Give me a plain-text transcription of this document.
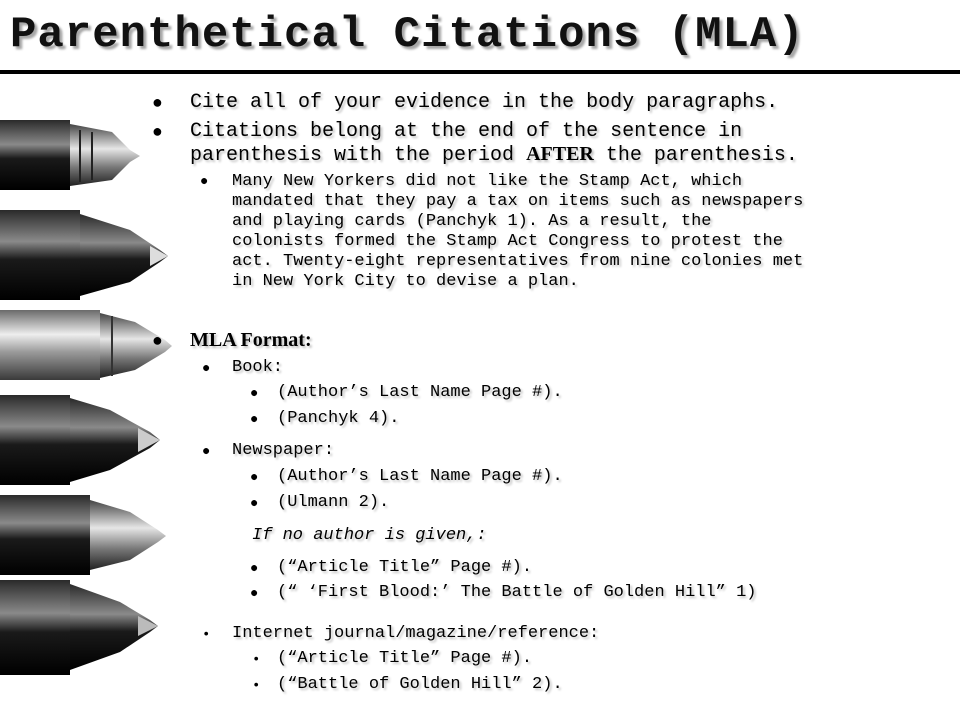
Parenthetical Citations (MLA)
● Cite all of your evidence in the body paragraphs.
● Citations belong at the end of the sentence in
parenthesis with the period AFTER the parenthesis.
● Many New Yorkers did not like the Stamp Act, which
mandated that they pay a tax on items such as newspapers
and playing cards (Panchyk 1). As a result, the
colonists formed the Stamp Act Congress to protest the
act. Twenty-eight representatives from nine colonies met
in New York City to devise a plan.
● MLA Format:
● Book:
● (Author’s Last Name Page #).
● (Panchyk 4).
● Newspaper:
● (Author’s Last Name Page #).
● (Ulmann 2).
If no author is given,:
● (“Article Title” Page #).
● (“ ‘First Blood:’ The Battle of Golden Hill” 1)
• Internet journal/magazine/reference:
• (“Article Title” Page #).
• (“Battle of Golden Hill” 2).
